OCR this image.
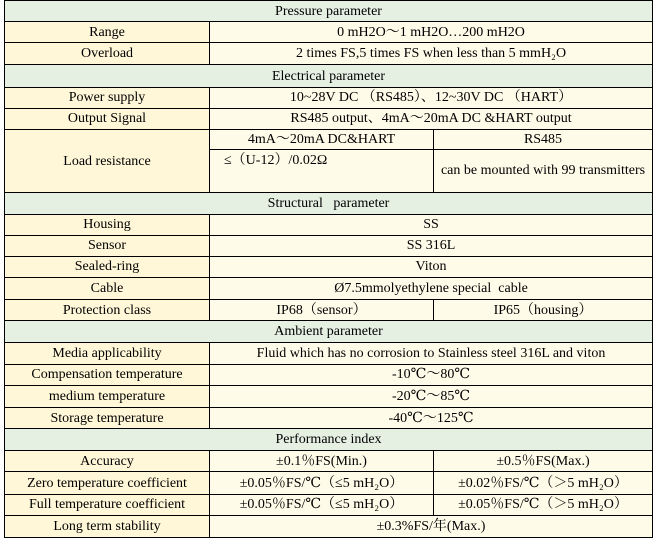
Pressure parameter		
Range	0 mH2O～1 mH2O…200 mH2O	
Overload	2 times FS,5 times FS when less than 5 mmH₂O	
Electrical parameter		
Power supply	10~28V DC （RS485）、12~30V DC （HART）	
Output Signal	RS485 output、4mA～20mA DC &HART output	
Load resistance	4mA～20mA DC&HART	RS485
	≤（U-12）/0.02Ω	can be mounted with 99 transmitters
Structural   parameter		
Housing	SS	
Sensor	SS 316L	
Sealed-ring	Viton	
Cable	Ø7.5mmolyethylene special  cable	
Protection class	IP68（sensor）	IP65（housing）
Ambient parameter		
Media applicability	Fluid which has no corrosion to Stainless steel 316L and viton	
Compensation temperature	-10℃～80℃	
medium temperature	-20℃～85℃	
Storage temperature	-40℃～125℃	
Performance index		
Accuracy	±0.1％FS(Min.)	±0.5％FS(Max.)
Zero temperature coefficient	±0.05％FS/℃（≤5 mH₂O）	±0.02％FS/℃（＞5 mH₂O）
Full temperature coefficient	±0.05％FS/℃（≤5 mH₂O）	±0.05％FS/℃（＞5 mH₂O）
Long term stability	±0.3%FS/年(Max.)	
